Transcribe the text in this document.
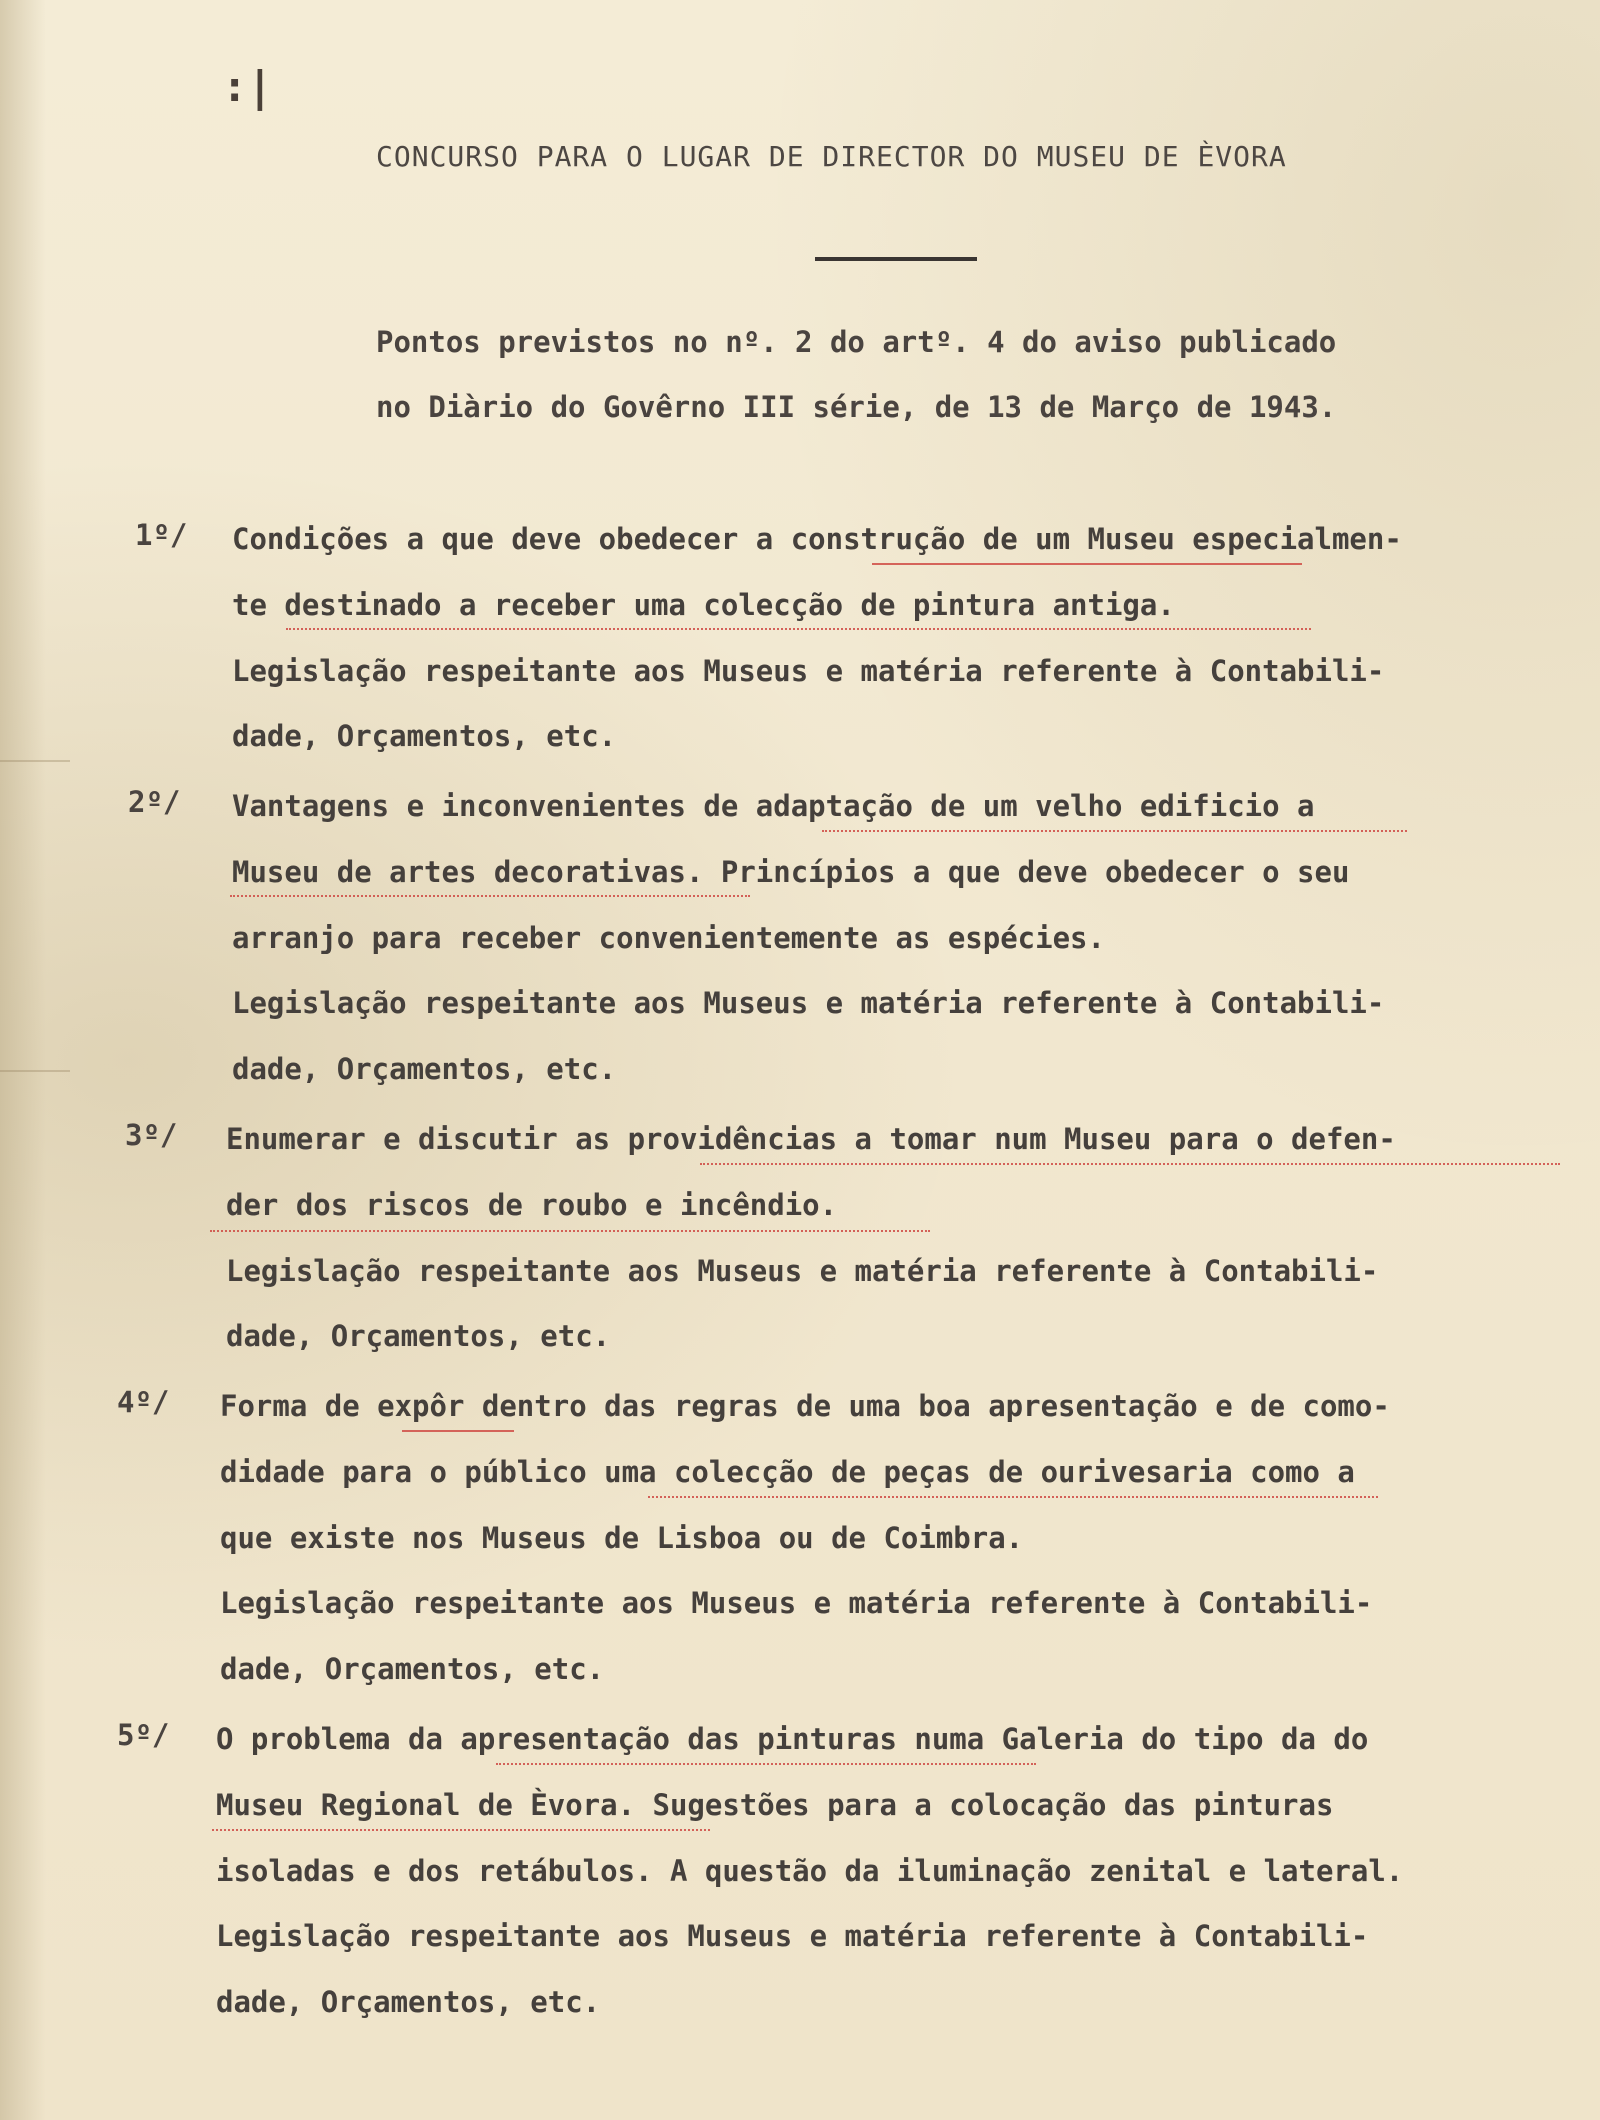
:|
CONCURSO PARA O LUGAR DE DIRECTOR DO MUSEU DE ÈVORA
Pontos previstos no nº. 2 do artº. 4 do aviso publicado
no Diàrio do Govêrno III série, de 13 de Março de 1943.
1º/ Condições a que deve obedecer a construção de um Museu especialmen-
te destinado a receber uma colecção de pintura antiga.
Legislação respeitante aos Museus e matéria referente à Contabili-
dade, Orçamentos, etc.
2º/ Vantagens e inconvenientes de adaptação de um velho edificio a
Museu de artes decorativas. Princípios a que deve obedecer o seu
arranjo para receber convenientemente as espécies.
Legislação respeitante aos Museus e matéria referente à Contabili-
dade, Orçamentos, etc.
3º/ Enumerar e discutir as providências a tomar num Museu para o defen-
der dos riscos de roubo e incêndio.
Legislação respeitante aos Museus e matéria referente à Contabili-
dade, Orçamentos, etc.
4º/ Forma de expôr dentro das regras de uma boa apresentação e de como-
didade para o público uma colecção de peças de ourivesaria como a
que existe nos Museus de Lisboa ou de Coimbra.
Legislação respeitante aos Museus e matéria referente à Contabili-
dade, Orçamentos, etc.
5º/ O problema da apresentação das pinturas numa Galeria do tipo da do
Museu Regional de Èvora. Sugestões para a colocação das pinturas
isoladas e dos retábulos. A questão da iluminação zenital e lateral.
Legislação respeitante aos Museus e matéria referente à Contabili-
dade, Orçamentos, etc.
